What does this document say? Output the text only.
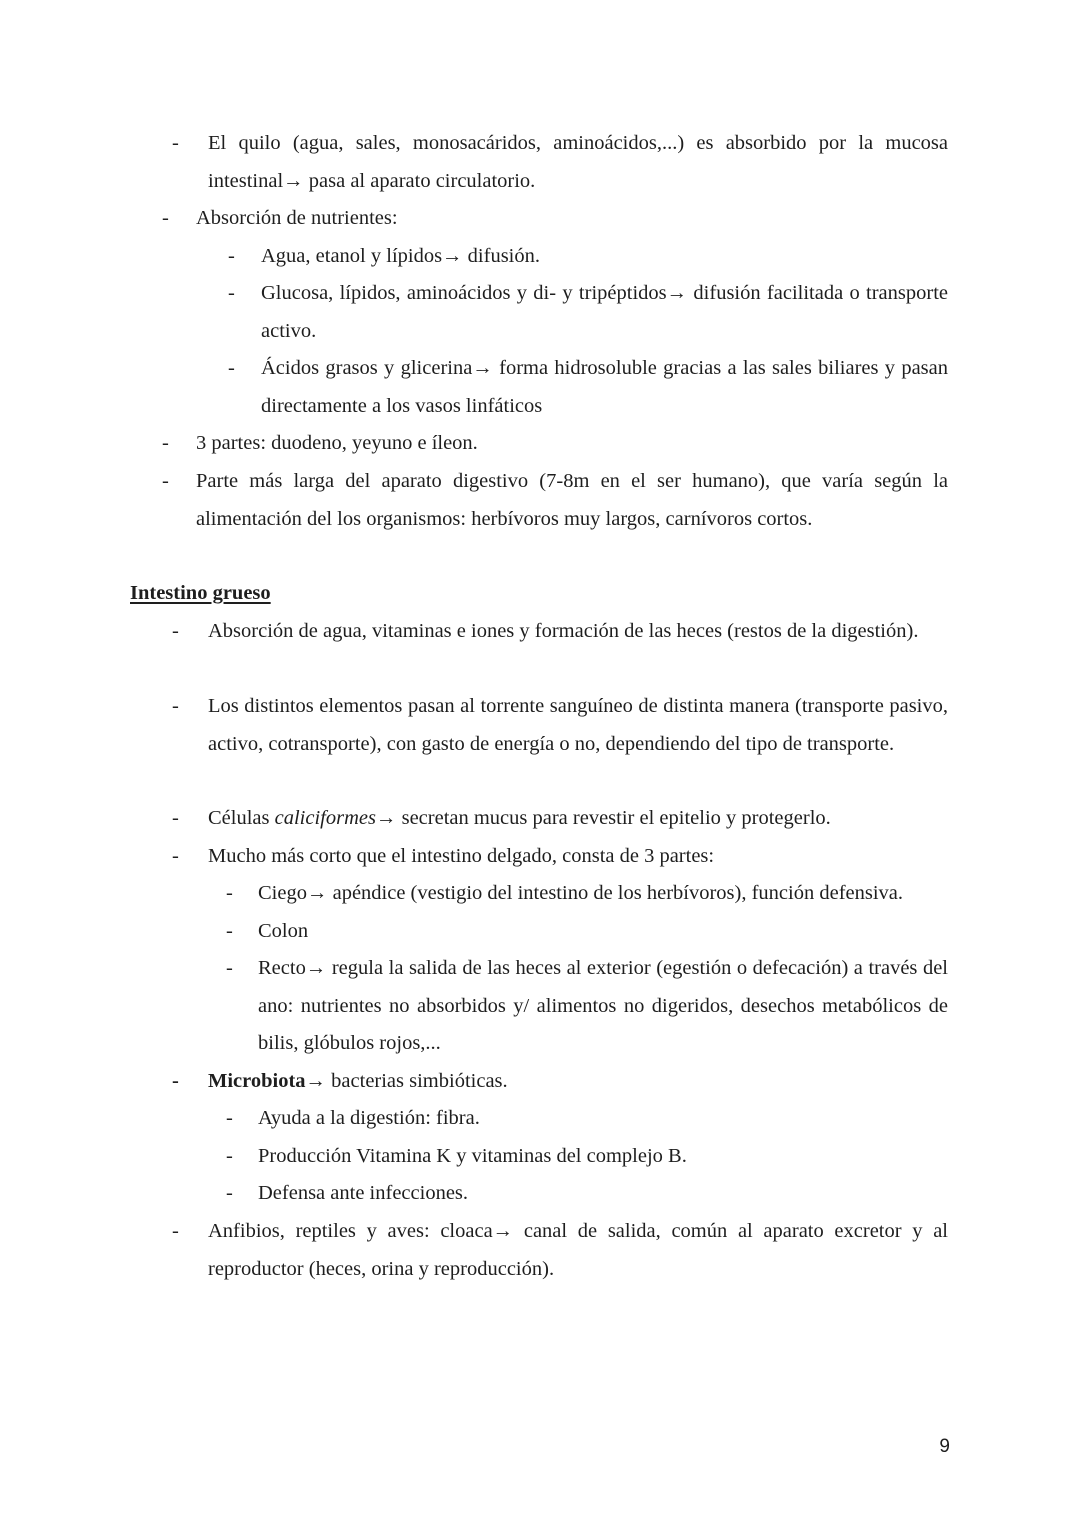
- El quilo (agua, sales, monosacáridos, aminoácidos,...) es absorbido por la mucosa intestinal→ pasa al aparato circulatorio.
- Absorción de nutrientes:
- Agua, etanol y lípidos→ difusión.
- Glucosa, lípidos, aminoácidos y di- y tripéptidos→ difusión facilitada o transporte activo.
- Ácidos grasos y glicerina→ forma hidrosoluble gracias a las sales biliares y pasan directamente a los vasos linfáticos
- 3 partes: duodeno, yeyuno e íleon.
- Parte más larga del aparato digestivo (7-8m en el ser humano), que varía según la alimentación del los organismos: herbívoros muy largos, carnívoros cortos.
Intestino grueso
- Absorción de agua, vitaminas e iones y formación de las heces (restos de la digestión).
- Los distintos elementos pasan al torrente sanguíneo de distinta manera (transporte pasivo, activo, cotransporte), con gasto de energía o no, dependiendo del tipo de transporte.
- Células caliciformes→ secretan mucus para revestir el epitelio y protegerlo.
- Mucho más corto que el intestino delgado, consta de 3 partes:
- Ciego→ apéndice (vestigio del intestino de los herbívoros), función defensiva.
- Colon
- Recto→ regula la salida de las heces al exterior (egestión o defecación) a través del ano: nutrientes no absorbidos y/ alimentos no digeridos, desechos metabólicos de bilis, glóbulos rojos,...
- Microbiota→ bacterias simbióticas.
- Ayuda a la digestión: fibra.
- Producción Vitamina K y vitaminas del complejo B.
- Defensa ante infecciones.
- Anfibios, reptiles y aves: cloaca→ canal de salida, común al aparato excretor y al reproductor (heces, orina y reproducción).
9
